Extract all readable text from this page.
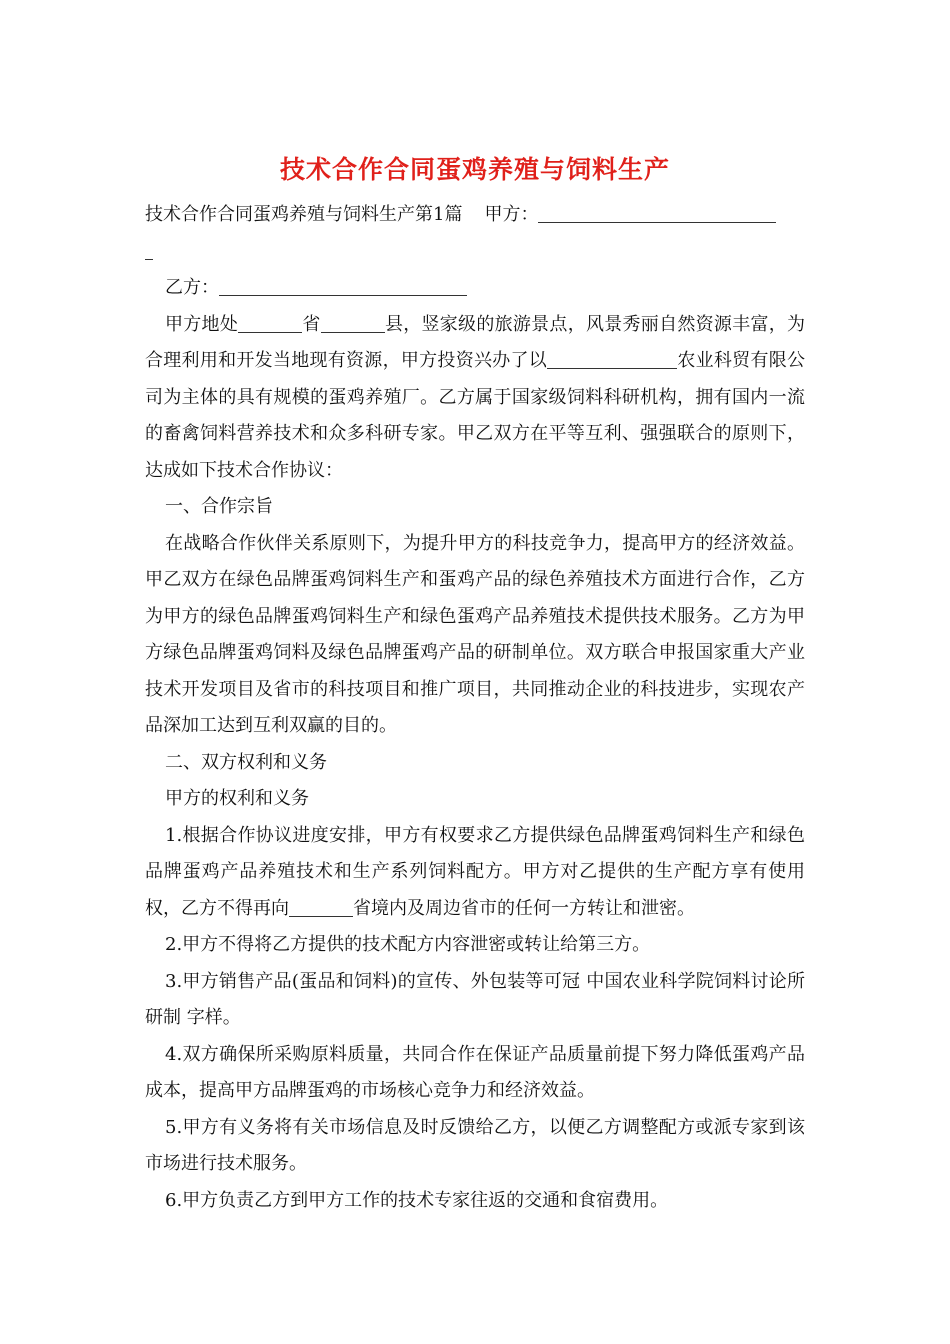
技术合作合同蛋鸡养殖与饲料生产

技术合作合同蛋鸡养殖与饲料生产第1篇 甲方：

乙方：

甲方地处	省	县，竖家级的旅游景点，风景秀丽自然资源丰富，为合理利用和开发当地现有资源，甲方投资兴办了以	农业科贸有限公司为主体的具有规模的蛋鸡养殖厂。乙方属于国家级饲料科研机构，拥有国内一流的畜禽饲料营养技术和众多科研专家。甲乙双方在平等互利、强强联合的原则下，达成如下技术合作协议：

一、合作宗旨

在战略合作伙伴关系原则下，为提升甲方的科技竞争力，提高甲方的经济效益。甲乙双方在绿色品牌蛋鸡饲料生产和蛋鸡产品的绿色养殖技术方面进行合作，乙方为甲方的绿色品牌蛋鸡饲料生产和绿色蛋鸡产品养殖技术提供技术服务。乙方为甲方绿色品牌蛋鸡饲料及绿色品牌蛋鸡产品的研制单位。双方联合申报国家重大产业技术开发项目及省市的科技项目和推广项目，共同推动企业的科技进步，实现农产品深加工达到互利双赢的目的。

二、双方权利和义务

甲方的权利和义务

1.根据合作协议进度安排，甲方有权要求乙方提供绿色品牌蛋鸡饲料生产和绿色品牌蛋鸡产品养殖技术和生产系列饲料配方。甲方对乙提供的生产配方享有使用权，乙方不得再向	省境内及周边省市的任何一方转让和泄密。

2.甲方不得将乙方提供的技术配方内容泄密或转让给第三方。

3.甲方销售产品(蛋品和饲料)的宣传、外包装等可冠 中国农业科学院饲料讨论所研制 字样。

4.双方确保所采购原料质量，共同合作在保证产品质量前提下努力降低蛋鸡产品成本，提高甲方品牌蛋鸡的市场核心竞争力和经济效益。

5.甲方有义务将有关市场信息及时反馈给乙方，以便乙方调整配方或派专家到该市场进行技术服务。

6.甲方负责乙方到甲方工作的技术专家往返的交通和食宿费用。
